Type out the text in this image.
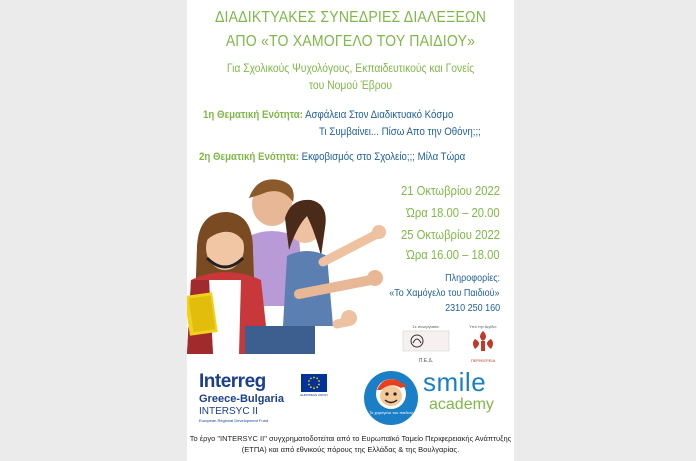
ΔΙΑΔΙΚΤΥΑΚΕΣ ΣΥΝΕΔΡΙΕΣ ΔΙΑΛΕΞΕΩΝ
ΑΠΟ «ΤΟ ΧΑΜΟΓΕΛΟ ΤΟΥ ΠΑΙΔΙΟΥ»
Για Σχολικούς Ψυχολόγους, Εκπαιδευτικούς και Γονείς
του Νομού Έβρου
1η Θεματική Ενότητα: Ασφάλεια Στον Διαδικτυακό Κόσμο
Τι Συμβαίνει... Πίσω Απο την Οθόνη;;;
2η Θεματική Ενότητα: Εκφοβισμός στο Σχολείο;;; Μίλα Τώρα
21 Οκτωβρίου 2022
Ώρα 18.00 – 20.00
25 Οκτωβρίου 2022
Ώρα 16.00 – 18.00
Πληροφορίες:
«Το Χαμόγελο του Παιδιού»
2310 250 160
Σε συνεργασία:
Π.Ε.Δ.
Υπό την Αιγίδα:
ΠΕΡΙΦΕΡΕΙΑ
Interreg
Greece-Bulgaria
INTERSYC II
European Regional Development Fund
EUROPEAN UNION
Το χαμόγελο του παιδιού
smile
academy
Το έργο "INTERSYC II" συγχρηματοδοτείται από το Ευρωπαϊκό Ταμείο Περιφερειακής Ανάπτυξης
(ΕΤΠΑ) και από εθνικούς πόρους της Ελλάδας & της Βουλγαρίας.
